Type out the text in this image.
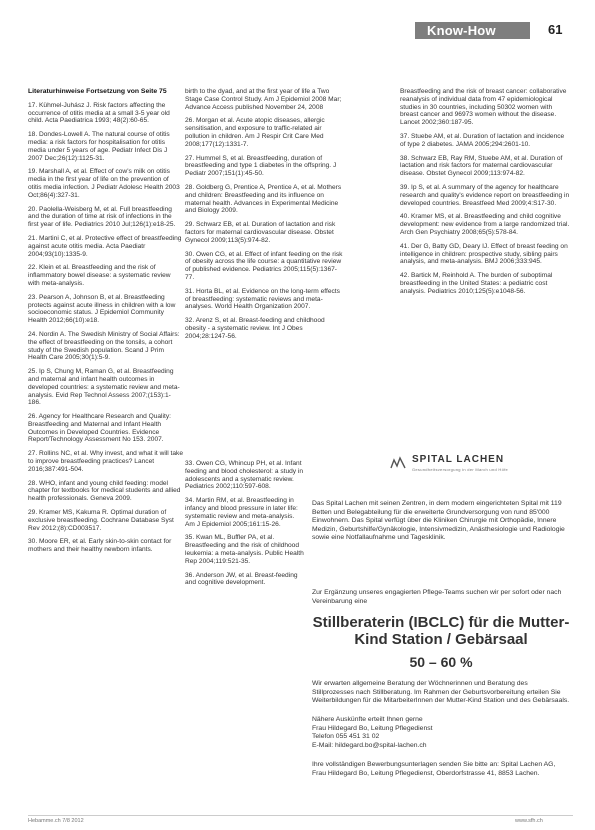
Know-How	61

Literaturhinweise Fortsetzung von Seite 75

17. Kühmel-Juhász J. Risk factors affecting the occurrence of otitis media at a small 3-5 year old child. Acta Paediatrica 1993; 48(2):60-65.

18. Dondes-Lowell A. The natural course of otitis media: a risk factors for hospitalisation for otitis media under 5 years of age. Pediatr Infect Dis J 2007 Dec;26(12):1125-31.

19. Marshall A, et al. Effect of cow's milk on otitis media in the first year of life on the prevention of otitis media infection. J Pediatr Adolesc Health 2003 Oct;86(4):327-31.

20. Paolella-Weisberg M, et al. Full breastfeeding and the duration of time at risk of infections in the first year of life. Pediatrics 2010 Jul;126(1):e18-25.

21. Martini C, et al. Protective effect of breastfeeding against acute otitis media. Acta Paediatr 2004;93(10):1335-9.

22. Klein et al. Breastfeeding and the risk of inflammatory bowel disease: a systematic review with meta-analysis.

23. Pearson A, Johnson B, et al. Breastfeeding protects against acute illness in children with a low socioeconomic status. J Epidemiol Community Health 2012;66(10):e18.

24. Nordin A. The Swedish Ministry of Social Affairs: the effect of breastfeeding on the tonsils, a cohort study of the Swedish population. Scand J Prim Health Care 2005;30(1):5-9.

25. Ip S, Chung M, Raman G, et al. Breastfeeding and maternal and infant health outcomes in developed countries: a systematic review and meta-analysis. Evid Rep Technol Assess 2007;(153):1-186.

26. Agency for Healthcare Research and Quality: Breastfeeding and Maternal and Infant Health Outcomes in Developed Countries. Evidence Report/Technology Assessment No 153. 2007.

27. Rollins NC, et al. Why invest, and what it will take to improve breastfeeding practices? Lancet 2016;387:491-504.

28. WHO, infant and young child feeding: model chapter for textbooks for medical students and allied health professionals. Geneva 2009.

29. Kramer MS, Kakuma R. Optimal duration of exclusive breastfeeding. Cochrane Database Syst Rev 2012;(8):CD003517.

30. Moore ER, et al. Early skin-to-skin contact for mothers and their healthy newborn infants.

birth to the dyad, and at the first year of life a Two Stage Case Control Study. Am J Epidemiol 2008 Mar; Advance Access published November 24, 2008

26. Morgan et al. Acute atopic diseases, allergic sensitisation, and exposure to traffic-related air pollution in children. Am J Respir Crit Care Med 2008;177(12):1331-7.

27. Hummel S, et al. Breastfeeding, duration of breastfeeding and type 1 diabetes in the offspring. J Pediatr 2007;151(1):45-50.

28. Goldberg G, Prentice A, Prentice A, et al. Mothers and children: Breastfeeding and its influence on maternal health. Advances in Experimental Medicine and Biology 2009.

29. Schwarz EB, et al. Duration of lactation and risk factors for maternal cardiovascular disease. Obstet Gynecol 2009;113(5):974-82.

30. Owen CG, et al. Effect of infant feeding on the risk of obesity across the life course: a quantitative review of published evidence. Pediatrics 2005;115(5):1367-77.

31. Horta BL, et al. Evidence on the long-term effects of breastfeeding: systematic reviews and meta-analyses. World Health Organization 2007.

32. Arenz S, et al. Breast-feeding and childhood obesity - a systematic review. Int J Obes 2004;28:1247-56.

33. Owen CG, Whincup PH, et al. Infant feeding and blood cholesterol: a study in adolescents and a systematic review. Pediatrics 2002;110:597-608.

34. Martin RM, et al. Breastfeeding in infancy and blood pressure in later life: systematic review and meta-analysis. Am J Epidemiol 2005;161:15-26.

35. Kwan ML, Buffler PA, et al. Breastfeeding and the risk of childhood leukemia: a meta-analysis. Public Health Rep 2004;119:521-35.

36. Anderson JW, et al. Breast-feeding and cognitive development.

Breastfeeding and the risk of breast cancer: collaborative reanalysis of individual data from 47 epidemiological studies in 30 countries, including 50302 women with breast cancer and 96973 women without the disease. Lancet 2002;360:187-95.

37. Stuebe AM, et al. Duration of lactation and incidence of type 2 diabetes. JAMA 2005;294:2601-10.

38. Schwarz EB, Ray RM, Stuebe AM, et al. Duration of lactation and risk factors for maternal cardiovascular disease. Obstet Gynecol 2009;113:974-82.

39. Ip S, et al. A summary of the agency for healthcare research and quality's evidence report on breastfeeding in developed countries. Breastfeed Med 2009;4:S17-30.

40. Kramer MS, et al. Breastfeeding and child cognitive development: new evidence from a large randomized trial. Arch Gen Psychiatry 2008;65(5):578-84.

41. Der G, Batty GD, Deary IJ. Effect of breast feeding on intelligence in children: prospective study, sibling pairs analysis, and meta-analysis. BMJ 2006;333:945.

42. Bartick M, Reinhold A. The burden of suboptimal breastfeeding in the United States: a pediatric cost analysis. Pediatrics 2010;125(5):e1048-56.

SPITAL LACHEN
Gesundheitsversorgung in der March und Höfe
Das Spital Lachen mit seinen Zentren, in dem modern eingerichteten Spital mit 119 Betten und Belegabteilung für die erweiterte Grundversorgung von rund 85'000 Einwohnern. Das Spital verfügt über die Kliniken Chirurgie mit Orthopädie, Innere Medizin, Geburtshilfe/Gynäkologie, Intensivmedizin, Anästhesiologie und Radiologie sowie eine Notfallaufnahme und Tagesklinik.
Zur Ergänzung unseres engagierten Pflege-Teams suchen wir per sofort oder nach Vereinbarung eine
Stillberaterin (IBCLC) für die Mutter-Kind Station / Gebärsaal
50 – 60 %
Wir erwarten allgemeine Beratung der Wöchnerinnen und Beratung des Stillprozesses nach Stillberatung. Im Rahmen der Geburtsvorbereitung erteilen Sie Weiterbildungen für die MitarbeiterInnen der Mutter-Kind Station und des Gebärsaals.
Nähere Auskünfte erteilt Ihnen gerne
Frau Hildegard Bo, Leitung Pflegedienst
Telefon 055 451 31 02
E-Mail: hildegard.bo@spital-lachen.ch
Ihre vollständigen Bewerbungsunterlagen senden Sie bitte an: Spital Lachen AG, Frau Hildegard Bo, Leitung Pflegedienst, Oberdorfstrasse 41, 8853 Lachen.
Hebamme.ch 7/8 2012	www.sfh.ch
